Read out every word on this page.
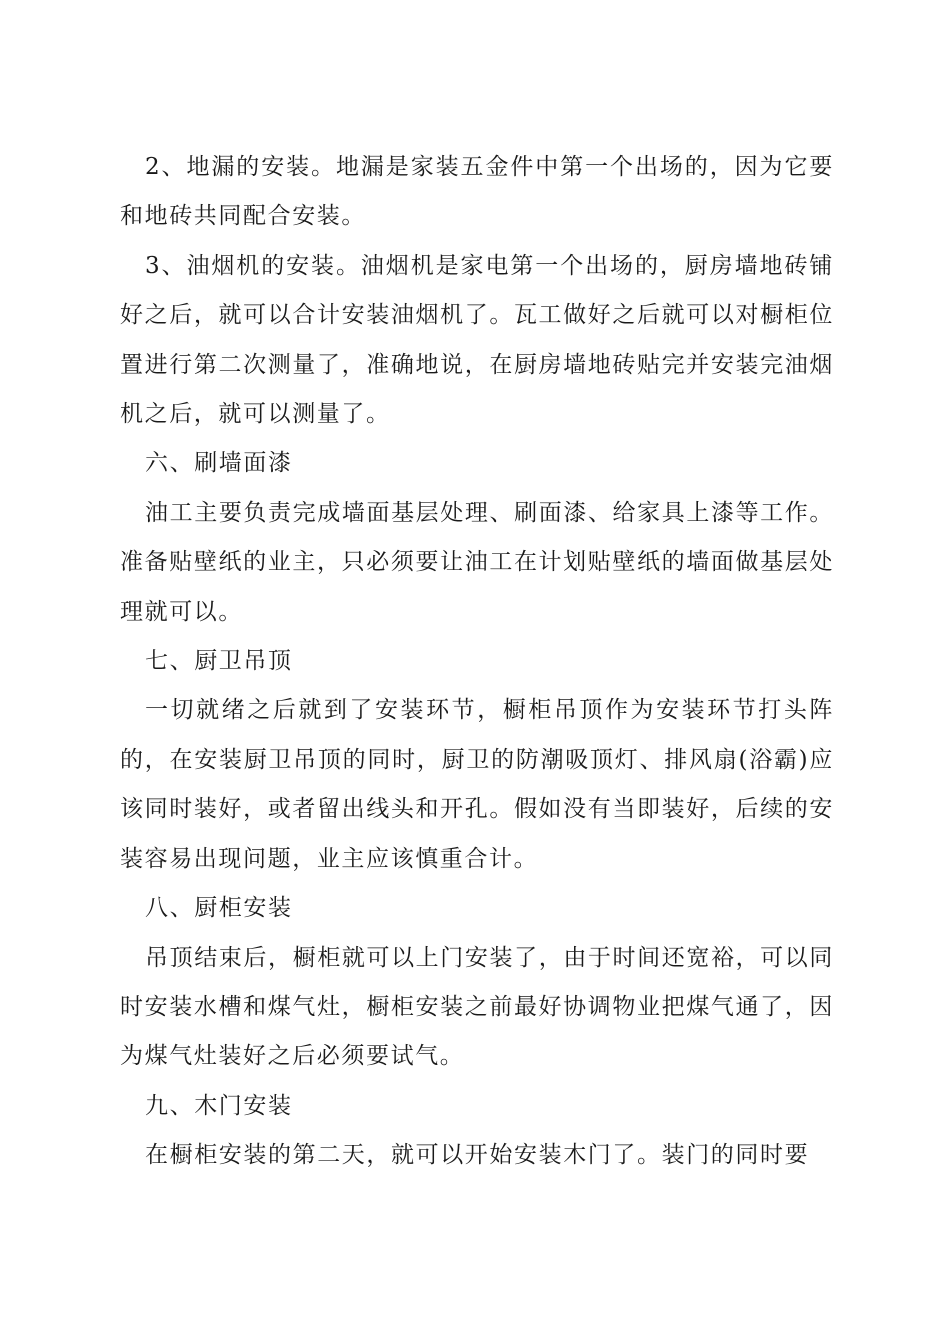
2、地漏的安装。地漏是家装五金件中第一个出场的，因为它要和地砖共同配合安装。

3、油烟机的安装。油烟机是家电第一个出场的，厨房墙地砖铺好之后，就可以合计安装油烟机了。瓦工做好之后就可以对橱柜位置进行第二次测量了，准确地说，在厨房墙地砖贴完并安装完油烟机之后，就可以测量了。

六、刷墙面漆

油工主要负责完成墙面基层处理、刷面漆、给家具上漆等工作。准备贴壁纸的业主，只必须要让油工在计划贴壁纸的墙面做基层处理就可以。

七、厨卫吊顶

一切就绪之后就到了安装环节，橱柜吊顶作为安装环节打头阵的，在安装厨卫吊顶的同时，厨卫的防潮吸顶灯、排风扇(浴霸)应该同时装好，或者留出线头和开孔。假如没有当即装好，后续的安装容易出现问题，业主应该慎重合计。

八、厨柜安装

吊顶结束后，橱柜就可以上门安装了，由于时间还宽裕，可以同时安装水槽和煤气灶，橱柜安装之前最好协调物业把煤气通了，因为煤气灶装好之后必须要试气。

九、木门安装

在橱柜安装的第二天，就可以开始安装木门了。装门的同时要
